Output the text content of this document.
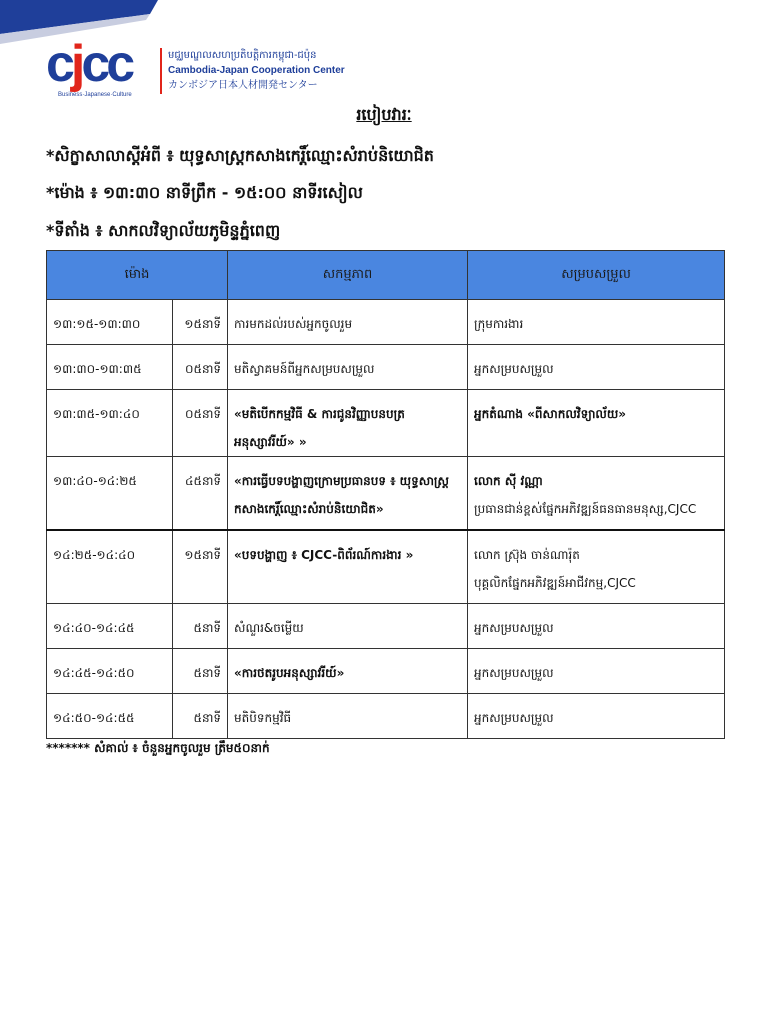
cjcc
Business·Japanese·Culture
មជ្ឈមណ្ឌលសហប្រតិបត្តិការកម្ពុជា-ជប៉ុន
Cambodia-Japan Cooperation Center
カンボジア日本人材開発センター
របៀបវារៈ
*សិក្ខាសាលាស្តីអំពី ៖ យុទ្ធសាស្ត្រកសាងកេរ្តិ៍ឈ្មោះសំរាប់និយោជិត
*ម៉ោង ៖ ១៣:៣០ នាទីព្រឹក - ១៥:០០ នាទីរសៀល
*ទីតាំង ៖ សាកលវិទ្យាល័យភូមិន្ទភ្នំពេញ
ម៉ោង		សកម្មភាព	សម្របសម្រួល

១៣:១៥-១៣:៣០	១៥នាទី	ការមកដល់របស់អ្នកចូលរួម	ក្រុមការងារ

១៣:៣០-១៣:៣៥	០៥នាទី	មតិស្វាគមន៍ពីអ្នកសម្របសម្រួល	អ្នកសម្របសម្រួល

១៣:៣៥-១៣:៤០	០៥នាទី	«មតិបើកកម្មវិធី & ការជូនវិញ្ញាបនបត្រអនុស្សាវរីយ៍» »	អ្នកតំណាង «ពីសាកលវិទ្យាល័យ»

១៣:៤០-១៤:២៥	៤៥នាទី	«ការធ្វើបទបង្ហាញក្រោមប្រធានបទ ៖ យុទ្ធសាស្ត្រកសាងកេរ្តិ៍ឈ្មោះសំរាប់និយោជិត»	លោក ស៊ី វណ្ណា
ប្រធានជាន់ខ្ពស់ផ្នែកអភិវឌ្ឍន៍ធនធានមនុស្ស,CJCC

១៤:២៥-១៤:៤០	១៥នាទី	«បទបង្ហាញ ៖ CJCC-ពិព័រណ៍ការងារ »	លោក ស្រ៊ុង ចាន់ណារ៉ុត
បុគ្គលិកផ្នែកអភិវឌ្ឍន៍អាជីវកម្ម,CJCC

១៤:៤០-១៤:៤៥	៥នាទី	សំណួរ&ចម្លើយ	អ្នកសម្របសម្រួល

១៤:៤៥-១៤:៥០	៥នាទី	«ការថតរូបអនុស្សាវរីយ៍»	អ្នកសម្របសម្រួល

១៤:៥០-១៤:៥៥	៥នាទី	មតិបិទកម្មវិធី	អ្នកសម្របសម្រួល
******* សំគាល់ ៖ ចំនួនអ្នកចូលរួម ត្រឹម៥០នាក់
